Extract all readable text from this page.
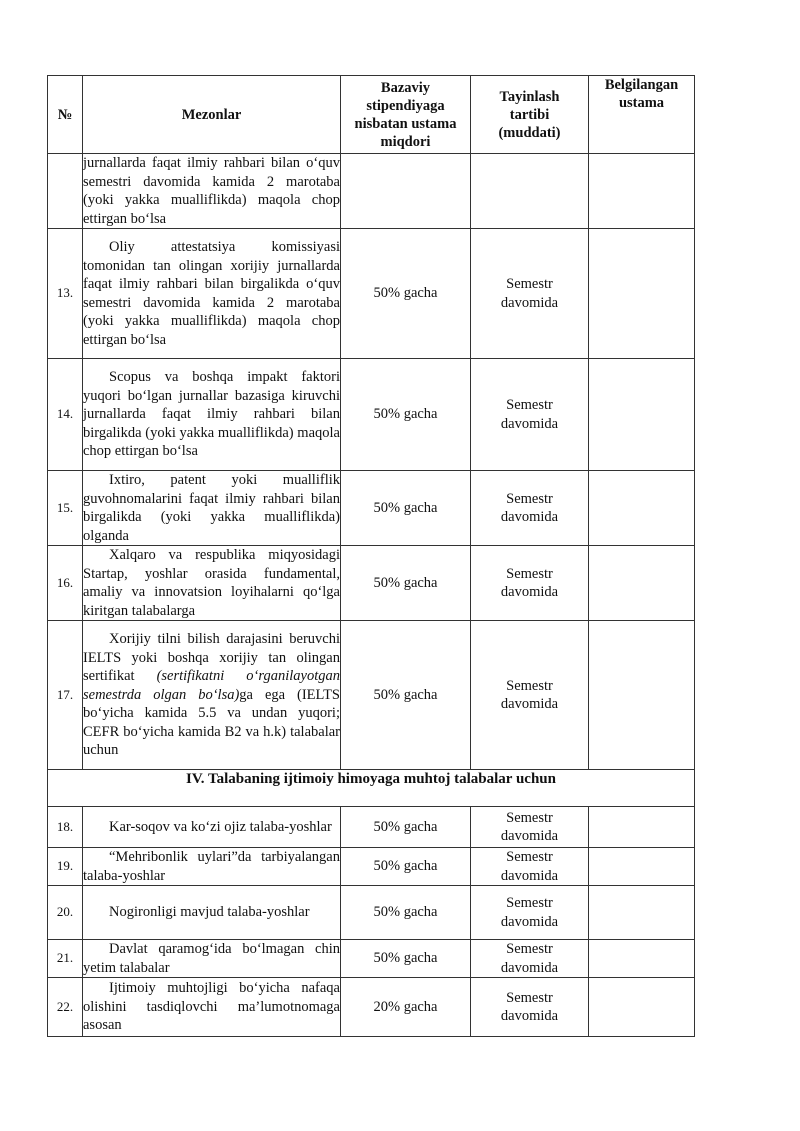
№	Mezonlar	Bazaviy
stipendiyaga
nisbatan ustama
miqdori	Tayinlash
tartibi
(muddati)	Belgilangan
ustama

	jurnallarda faqat ilmiy rahbari bilan o‘quv semestri davomida kamida 2 marotaba (yoki yakka mualliflikda) maqola chop ettirgan bo‘lsa			
13.	Oliy attestatsiya komissiyasi tomonidan tan olingan xorijiy jurnallarda faqat ilmiy rahbari bilan birgalikda o‘quv semestri davomida kamida 2 marotaba (yoki yakka mualliflikda) maqola chop ettirgan bo‘lsa	50% gacha	Semestr
davomida	

14.	Scopus va boshqa impakt faktori yuqori bo‘lgan jurnallar bazasiga kiruvchi jurnallarda faqat ilmiy rahbari bilan birgalikda (yoki yakka mualliflikda) maqola chop ettirgan bo‘lsa	50% gacha	Semestr
davomida	

15.	Ixtiro, patent yoki mualliflik guvohnomalarini faqat ilmiy rahbari bilan birgalikda (yoki yakka mualliflikda) olganda	50% gacha	Semestr
davomida	

16.	Xalqaro va respublika miqyosidagi Startap, yoshlar orasida fundamental, amaliy va innovatsion loyihalarni qo‘lga kiritgan talabalarga	50% gacha	Semestr
davomida	

17.	Xorijiy tilni bilish darajasini beruvchi IELTS yoki boshqa xorijiy tan olingan sertifikat (sertifikatni o‘rganilayotgan semestrda olgan bo‘lsa)ga ega (IELTS bo‘yicha kamida 5.5 va undan yuqori; CEFR bo‘yicha kamida B2 va h.k) talabalar uchun	50% gacha	Semestr
davomida	

IV. Talabaning ijtimoiy himoyaga muhtoj talabalar uchun				
18.	Kar-soqov va ko‘zi ojiz talaba-yoshlar	50% gacha	Semestr
davomida	

19.	“Mehribonlik uylari”da tarbiyalangan talaba-yoshlar	50% gacha	Semestr
davomida	

20.	Nogironligi mavjud talaba-yoshlar	50% gacha	Semestr
davomida	

21.	Davlat qaramog‘ida bo‘lmagan chin yetim talabalar	50% gacha	Semestr
davomida	

22.	Ijtimoiy muhtojligi bo‘yicha nafaqa olishini tasdiqlovchi ma’lumotnomaga asosan	20% gacha	Semestr
davomida	
